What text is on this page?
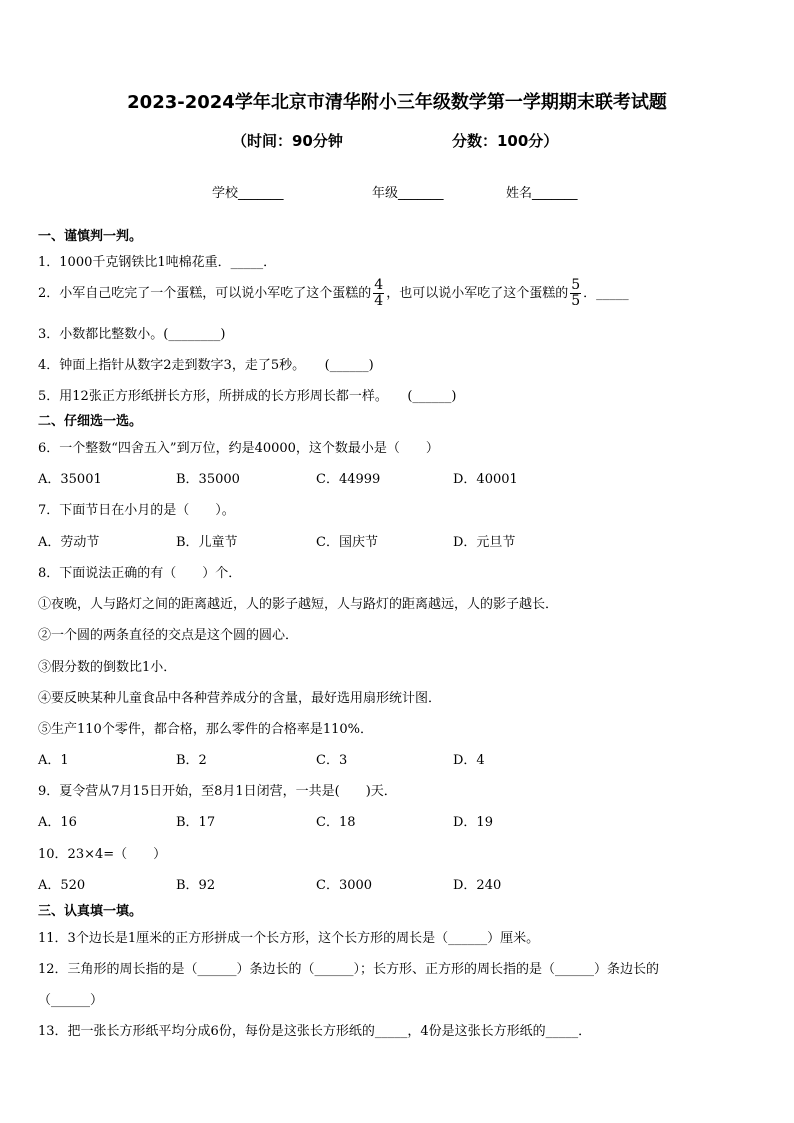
2023-2024学年北京市清华附小三年级数学第一学期期末联考试题
（时间：90分钟	分数：100分）
学校_______	年级_______	姓名_______
一、谨慎判一判。
1．1000千克钢铁比1吨棉花重．_____．
2．小军自己吃完了一个蛋糕，可以说小军吃了这个蛋糕的 $\frac{4}{4}$ ，也可以说小军吃了这个蛋糕的 $\frac{5}{5}$ ．_____
3．小数都比整数小。(________)
4．钟面上指针从数字2走到数字3，走了5秒。　　(______)
5．用12张正方形纸拼长方形，所拼成的长方形周长都一样。　　(______)
二、仔细选一选。
6．一个整数“四舍五入”到万位，约是40000，这个数最小是（　　）
A．35001	B．35000	C．44999	D．40001
7．下面节日在小月的是（　　）。
A．劳动节	B．儿童节	C．国庆节	D．元旦节
8．下面说法正确的有（　　）个．
①夜晚，人与路灯之间的距离越近，人的影子越短，人与路灯的距离越远，人的影子越长．
②一个圆的两条直径的交点是这个圆的圆心．
③假分数的倒数比1小．
④要反映某种儿童食品中各种营养成分的含量，最好选用扇形统计图．
⑤生产110个零件，都合格，那么零件的合格率是110%．
A．1	B．2	C．3	D．4
9．夏令营从7月15日开始，至8月1日闭营，一共是(　　)天．
A．16	B．17	C．18	D．19
10．23×4=（　　）
A．520	B．92	C．3000	D．240
三、认真填一填。
11．3个边长是1厘米的正方形拼成一个长方形，这个长方形的周长是（______）厘米。
12．三角形的周长指的是（______）条边长的（______）；长方形、正方形的周长指的是（______）条边长的
（______）
13．把一张长方形纸平均分成6份，每份是这张长方形纸的_____，4份是这张长方形纸的_____．
